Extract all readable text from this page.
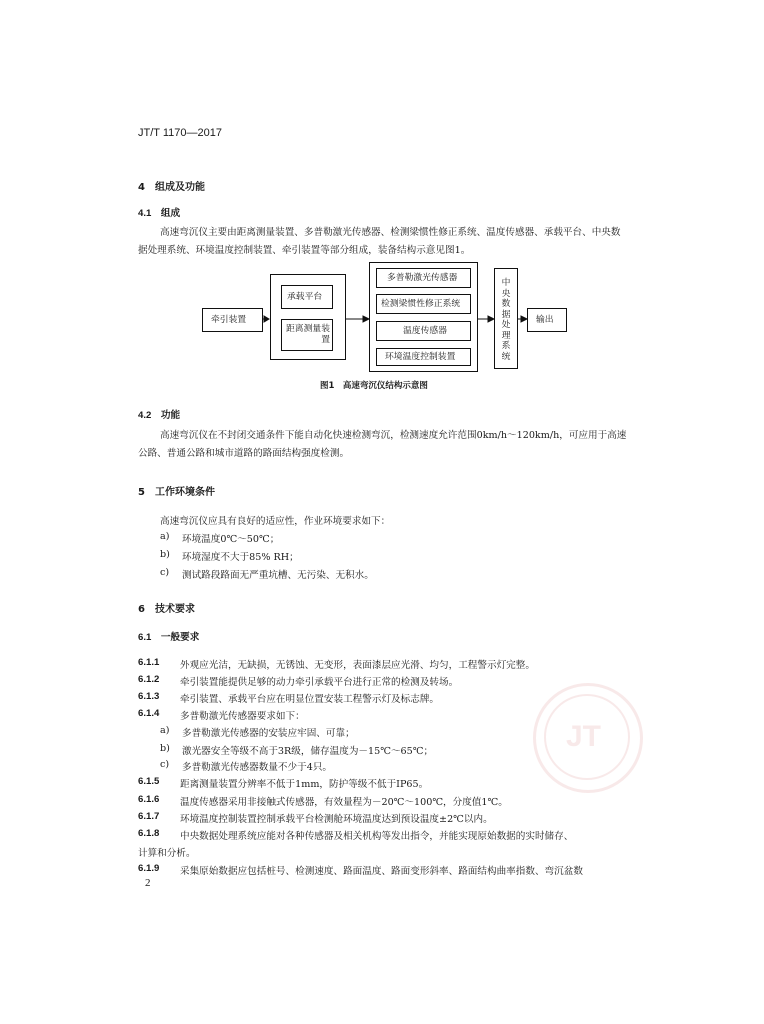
JT/T 1170—2017
4　组成及功能
4.1　组成
高速弯沉仪主要由距离测量装置、多普勒激光传感器、检测梁惯性修正系统、温度传感器、承载平台、中央数据处理系统、环境温度控制装置、牵引装置等部分组成，装备结构示意见图1。
牵引装置
承载平台
距离测量装置
多普勒激光传感器
检测梁惯性修正系统
温度传感器
环境温度控制装置
中央数据处理系统
输出
图1　高速弯沉仪结构示意图
4.2　功能
高速弯沉仪在不封闭交通条件下能自动化快速检测弯沉，检测速度允许范围0km/h～120km/h，可应用于高速公路、普通公路和城市道路的路面结构强度检测。
5　工作环境条件
高速弯沉仪应具有良好的适应性，作业环境要求如下：
a) 环境温度0℃～50℃；
b) 环境湿度不大于85% RH；
c) 测试路段路面无严重坑槽、无污染、无积水。
6　技术要求
6.1　一般要求
6.1.1 外观应光洁，无缺损，无锈蚀、无变形，表面漆层应光滑、均匀，工程警示灯完整。
6.1.2 牵引装置能提供足够的动力牵引承载平台进行正常的检测及转场。
6.1.3 牵引装置、承载平台应在明显位置安装工程警示灯及标志牌。
6.1.4 多普勒激光传感器要求如下：
a) 多普勒激光传感器的安装应牢固、可靠；
b) 激光器安全等级不高于3R级，储存温度为－15℃～65℃；
c) 多普勒激光传感器数量不少于4只。
6.1.5 距离测量装置分辨率不低于1mm，防护等级不低于IP65。
6.1.6 温度传感器采用非接触式传感器，有效量程为－20℃～100℃，分度值1℃。
6.1.7 环境温度控制装置控制承载平台检测舱环境温度达到预设温度±2℃以内。
6.1.8 中央数据处理系统应能对各种传感器及相关机构等发出指令，并能实现原始数据的实时储存、
计算和分析。
6.1.9 采集原始数据应包括桩号、检测速度、路面温度、路面变形斜率、路面结构曲率指数、弯沉盆数
2
JT
